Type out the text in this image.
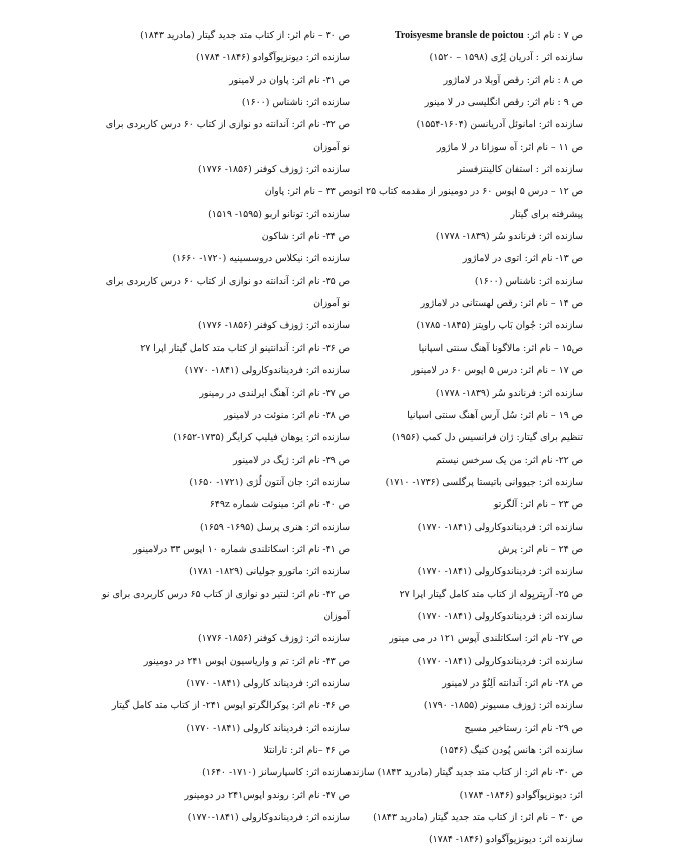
ص ۷ : نام اثر: Troisyesme bransle de poictou
سازنده اثر : آدریان لِرُی (۱۵۹۸ – ۱۵۲۰)
ص ۸ : نام اثر: رقص آوبلا در لاماژور
ص ۹ : نام اثر: رقص انگلیسی در لا مینور
سازنده اثر: امانوئل آدریانسن (۱۶۰۴-۱۵۵۴)
ص ۱۱ – نام اثر: آه سوزانا در لا ماژور
سازنده اثر : استفان کالینتزفستر
ص ۱۲ – درس ۵ اپوس ۶۰ در دومینور از مقدمه کتاب ۲۵ اتود
پیشرفته برای گیتار
سازنده اثر: فرناندو سُر (۱۸۳۹- ۱۷۷۸)
ص ۱۳- نام اثر: اتوی در لاماژور
سازنده اثر: ناشناس (۱۶۰۰)
ص ۱۴ – نام اثر: رقص لهستانی در لاماژور
سازنده اثر: جُوان بَاپ راویتز (۱۸۴۵- ۱۷۸۵)
ص۱۵ – نام اثر: مالاگونا آهنگ سنتی اسپانیا
ص ۱۷ – نام اثر: درس ۵ اپوس ۶۰ در لامینور
سازنده اثر: فرناندو سُر (۱۸۳۹- ۱۷۷۸)
ص ۱۹ – نام اثر: سُل آرس آهنگ سنتی اسپانیا
تنظیم برای گیتار: ژان فرانسیس دل کمپ (۱۹۵۶)
ص ۲۲- نام اثر: من یک سرخس نیستم
سازنده اثر: جیووانی باتیستا پرگلسی (۱۷۳۶- ۱۷۱۰)
ص ۲۳ – نام اثر: آلگرتو
سازنده اثر: فردیناندوکارولی (۱۸۴۱- ۱۷۷۰)
ص ۲۴ – نام اثر: پرش
سازنده اثر: فردیناندوکارولی (۱۸۴۱- ۱۷۷۰)
ص ۲۵- آریِتریِوله از کتاب متد کامل گیتار اپرا ۲۷
سازنده اثر: فردیناندوکارولی (۱۸۴۱- ۱۷۷۰)
ص ۲۷- نام اثر: اسکاتلندی آپوس ۱۲۱ در می مینور
سازنده اثر: فردیناندوکارولی (۱۸۴۱- ۱۷۷۰)
ص ۲۸- نام اثر: آندانته اَلِنُوّ در لامینور
سازنده اثر: ژوزف مسیونر (۱۸۵۵- ۱۷۹۰)
ص ۲۹- نام اثر: رستاخیر مسیح
سازنده اثر: هانس پُودن کنیگ (۱۵۴۶)
ص ۳۰- نام اثر: از کتاب متد جدید گیتار (مادرید ۱۸۴۳) سازنده
اثر: دیونزیوآگوادو (۱۸۴۶- ۱۷۸۴)
ص ۳۰ – نام اثر: از کتاب متد جدید گیتار (مادرید ۱۸۴۳)
سازنده اثر: دیونزیوآگوادو (۱۸۴۶- ۱۷۸۴)
ص ۳۰ – نام اثر: از کتاب متد جدید گیتار (مادرید ۱۸۴۳)
سازنده اثر: دیونزیوآگوادو (۱۸۴۶- ۱۷۸۴)
ص ۳۱- نام اثر: پاوان در لامینور
سازنده اثر: ناشناس (۱۶۰۰)
ص ۳۲- نام اثر: آندانته دو نوازی از کتاب ۶۰ درس کاربردی برای
نو آموزان
سازنده اثر: ژوزف کوفنر (۱۸۵۶- ۱۷۷۶)
ص ۳۳ – نام اثر: پاوان
سازنده اثر: تونانو اربو (۱۵۹۵- ۱۵۱۹)
ص ۳۴- نام اثر: شاکون
سازنده اثر: نیکلاس دروسسینیه (۱۷۲۰- ۱۶۶۰)
ص ۳۵- نام اثر: آندانته دو نوازی از کتاب ۶۰ درس کاربردی برای
نو آموزان
سازنده اثر: ژوزف کوفنر (۱۸۵۶- ۱۷۷۶)
ص ۳۶- نام اثر: آندانتینو از کتاب متد کامل گیتار اپرا ۲۷
سازنده اثر: فردیناندوکارولی (۱۸۴۱- ۱۷۷۰)
ص ۳۷- نام اثر: آهنگ ایرلندی در رمینور
ص ۳۸- نام اثر: منوئت در لامینور
سازنده اثر: یوهان فیلیپ کرایگر (۱۷۳۵-۱۶۵۲)
ص ۳۹- نام اثر: ژیگ در لامینور
سازنده اثر: جان آنتون لُژی (۱۷۲۱- ۱۶۵۰)
ص ۴۰- نام اثر: مینوئت شماره ۶۴۹z
سازنده اثر: هنری پرسل (۱۶۹۵- ۱۶۵۹)
ص ۴۱- نام اثر: اسکاتلندی شماره ۱۰ اپوس ۳۳ درلامینور
سازنده اثر: ماتورو جولیانی (۱۸۲۹- ۱۷۸۱)
ص ۴۲- نام اثر: لنتیر دو نوازی از کتاب ۶۵ درس کاربردی برای نو
آموزان
سازنده اثر: ژوزف کوفنر (۱۸۵۶- ۱۷۷۶)
ص ۴۳- نام اثر: تم و واریاسیون اپوس ۲۴۱ در دومینور
سازنده اثر: فردیناند کارولی (۱۸۴۱- ۱۷۷۰)
ص ۴۶- نام اثر: پوکرالگرتو اپوس ۲۴۱- از کتاب متد کامل گیتار
سازنده اثر: فردیناند کارولی (۱۸۴۱- ۱۷۷۰)
ص ۴۶ –نام اثر: تارانتلا
سازنده اثر: کاسپارسانز (۱۷۱۰- ۱۶۴۰)
ص ۴۷- نام اثر: روندو اپوس۲۴۱ در دومینور
سازنده اثر: فردیناندوکارولی (۱۸۴۱-۱۷۷۰)
